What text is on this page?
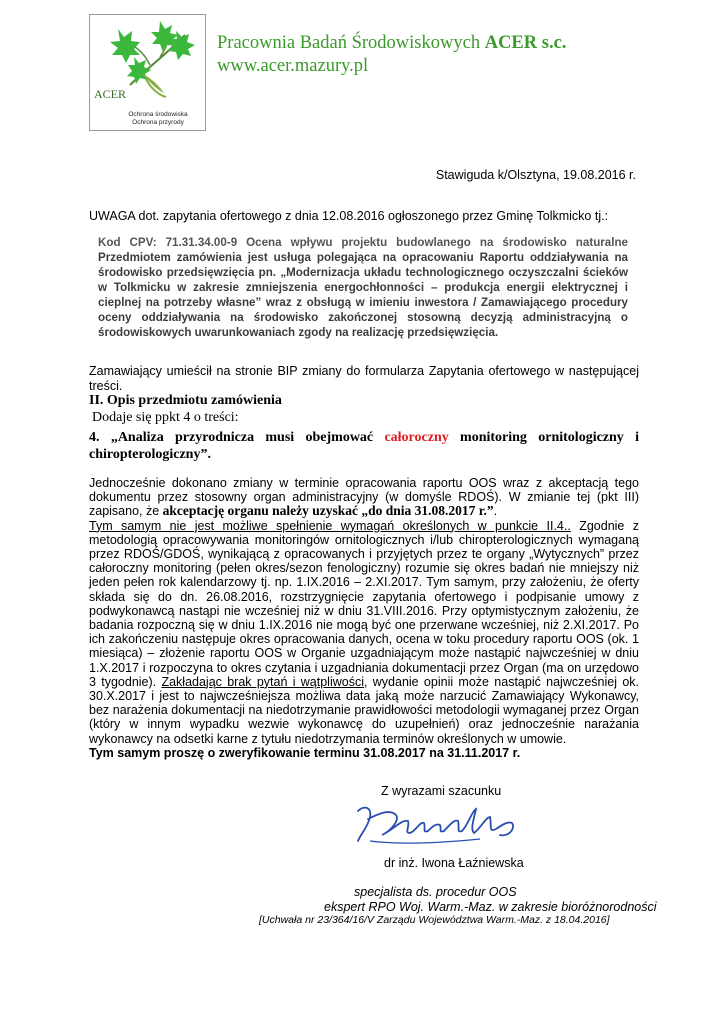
ACER
Ochrona środowiska
Ochrona przyrody
Pracownia Badań Środowiskowych ACER s.c.
www.acer.mazury.pl
Stawiguda k/Olsztyna, 19.08.2016 r.
UWAGA dot. zapytania ofertowego z dnia 12.08.2016 ogłoszonego przez Gminę Tolkmicko tj.:
Kod CPV: 71.31.34.00-9 Ocena wpływu projektu budowlanego na środowisko naturalne Przedmiotem zamówienia jest usługa polegająca na opracowaniu Raportu oddziaływania na środowisko przedsięwzięcia pn. „Modernizacja układu technologicznego oczyszczalni ścieków w Tolkmicku w zakresie zmniejszenia energochłonności – produkcja energii elektrycznej i cieplnej na potrzeby własne” wraz z obsługą w imieniu inwestora / Zamawiającego procedury oceny oddziaływania na środowisko zakończonej stosowną decyzją administracyjną o środowiskowych uwarunkowaniach zgody na realizację przedsięwzięcia.
Zamawiający umieścił na stronie BIP zmiany do formularza Zapytania ofertowego w następującej treści.
II. Opis przedmiotu zamówienia
Dodaje się ppkt 4 o treści:
4. „Analiza przyrodnicza musi obejmować całoroczny monitoring ornitologiczny i chiropterologiczny”.

Jednocześnie dokonano zmiany w terminie opracowania raportu OOS wraz z akceptacją tego dokumentu przez stosowny organ administracyjny (w domyśle RDOŚ). W zmianie tej (pkt III) zapisano, że akceptację organu należy uzyskać „do dnia 31.08.2017 r.”.

Tym samym nie jest możliwe spełnienie wymagań określonych w punkcie II.4.. Zgodnie z metodologią opracowywania monitoringów ornitologicznych i/lub chiropterologicznych wymaganą przez RDOŚ/GDOŚ, wynikającą z opracowanych i przyjętych przez te organy „Wytycznych” przez całoroczny monitoring (pełen okres/sezon fenologiczny) rozumie się okres badań nie mniejszy niż jeden pełen rok kalendarzowy tj. np. 1.IX.2016 – 2.XI.2017. Tym samym, przy założeniu, że oferty składa się do dn. 26.08.2016, rozstrzygnięcie zapytania ofertowego i podpisanie umowy z podwykonawcą nastąpi nie wcześniej niż w dniu 31.VIII.2016. Przy optymistycznym założeniu, że badania rozpoczną się w dniu 1.IX.2016 nie mogą być one przerwane wcześniej, niż 2.XI.2017. Po ich zakończeniu następuje okres opracowania danych, ocena w toku procedury raportu OOS (ok. 1 miesiąca) – złożenie raportu OOS w Organie uzgadniającym może nastąpić najwcześniej w dniu 1.X.2017 i rozpoczyna to okres czytania i uzgadniania dokumentacji przez Organ (ma on urzędowo 3 tygodnie). Zakładając brak pytań i wątpliwości, wydanie opinii może nastąpić najwcześniej ok. 30.X.2017 i jest to najwcześniejsza możliwa data jaką może narzucić Zamawiający Wykonawcy, bez narażenia dokumentacji na niedotrzymanie prawidłowości metodologii wymaganej przez Organ (który w innym wypadku wezwie wykonawcę do uzupełnień) oraz jednocześnie narażania wykonawcy na odsetki karne z tytułu niedotrzymania terminów określonych w umowie.

Tym samym proszę o zweryfikowanie terminu 31.08.2017 na 31.11.2017 r.

Z wyrazami szacunku
dr inż. Iwona Łaźniewska
specjalista ds. procedur OOS
ekspert RPO Woj. Warm.-Maz. w zakresie bioróżnorodności
[Uchwała nr 23/364/16/V Zarządu Województwa Warm.-Maz. z 18.04.2016]
